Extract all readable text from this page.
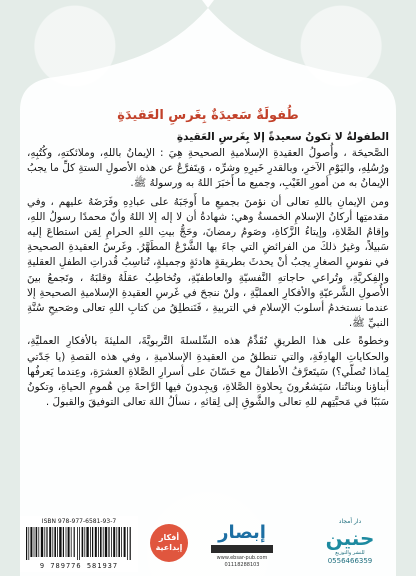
طُفولَةٌ سَعيدَةٌ بِغَرسِ العَقيدَةِ
الطفولةُ لا تكونُ سعيدةً إلا بِغَرسِ العَقيدةِ

الصَّحيحَة ، وأُصولُ العقيدةِ الإسلاميةِ الصحيحةِ هِيَ : الإيمانُ باللهِ، وملائكتهِ، وكُتُبِهِ، ورُسُلِهِ، واليَوْمِ الآخرِ، وبالقدرِ خَيرِهِ وشرِّه ، وَيتَفرَّعُ عن هذه الأصولِ الستةِ كلِّ ما يجبُ الإيمانُ به من أمورِ الغَيْبِ، وجميع ما أَخبَرَ اللهُ به ورسولهُ ﷺ.

ومن الإيمانِ باللهِ تعالى أن نؤمنَ بجميعِ ما أَوجَبَهُ على عبادِهِ وفَرَضَهُ عليهم ، وفي مقدمتِها أركانُ الإسلامِ الخمسةُ وهي: شهادةُ أن لا إله إلا اللهُ وأنّ محمدًا رسولُ اللهِ، وإقامُ الصَّلاةِ، وإيتاءُ الزَّكاةِ، وصَومُ رمضانَ، وحَجُّ بيتِ اللهِ الحرامِ لِمَن استطاعَ إليه سَبيلاً، وغيرُ ذلكَ من الفرائضِ التي جاءَ بها الشَّرْعُ المطَهَّرُ. وغَرسُ العقيدةِ الصحيحةِ في نفوسِ الصغارِ يجبُ أنْ يحدثَ بطريقةٍ هادئةٍ وجميلةٍ، تُناسِبُ قُدراتِ الطفلِ العقليةِ والفِكريَّةِ، وتُراعي حاجاتهِ النَّفسيّةِ والعاطفيّةِ، وتُخاطِبُ عقلَهُ وقلبَهُ ، وتَجمعُ بينَ الأُصولِ الشَّرعيّةِ والأفكارِ العمليَّةِ ، ولنْ ننجحَ في غَرسِ العقيدةِ الإسلاميةِ الصحيحةِ إلا عندما نستخدمُ أسلوبَ الإسلامِ في التربيةِ ، فَنَنطلِقُ من كتابِ اللهِ تعالى وصَحيحِ سُنَّةِ النبيِّ ﷺ.

وخطوةً على هذا الطريقِ نُقَدِّمُ هذه السِّلسلةَ التَّربويَّةَ، المليئةَ بالأفكارِ العمليَّةِ، والحكاياتِ الهادِفَةِ، والتي تنطلقُ من العقيدةِ الإسلاميةِ ، وفي هذه القصةِ (يا جَدّتي لِماذا نُصلّي؟) سَيتَعرَّفُ الأطفالُ مع حَسّانَ على أسرارِ الصَّلاةِ العشرَةِ، وعِندما يَعرفُها أبناؤنا وبناتُنا، سَيَشعُرونَ بِحلاوةِ الصَّلاةِ، وَيجِدونَ فيها الرَّاحةَ مِن هُمومِ الحياةِ، وتكونُ سَبَبًا في مَحبَّتِهم للهِ تعالى والشَّوقِ إلى لِقائهِ ، نسألُ اللهَ تعالى التوفيقَ والقبولَ .

ISBN 978-977-6581-93-7
9 789776 581937
أفكار إبداعية
إبصار
www.ebsar-pub.com
01118288103
دار أمجاد
حنين
للنشر والتوزيع
0556466359
